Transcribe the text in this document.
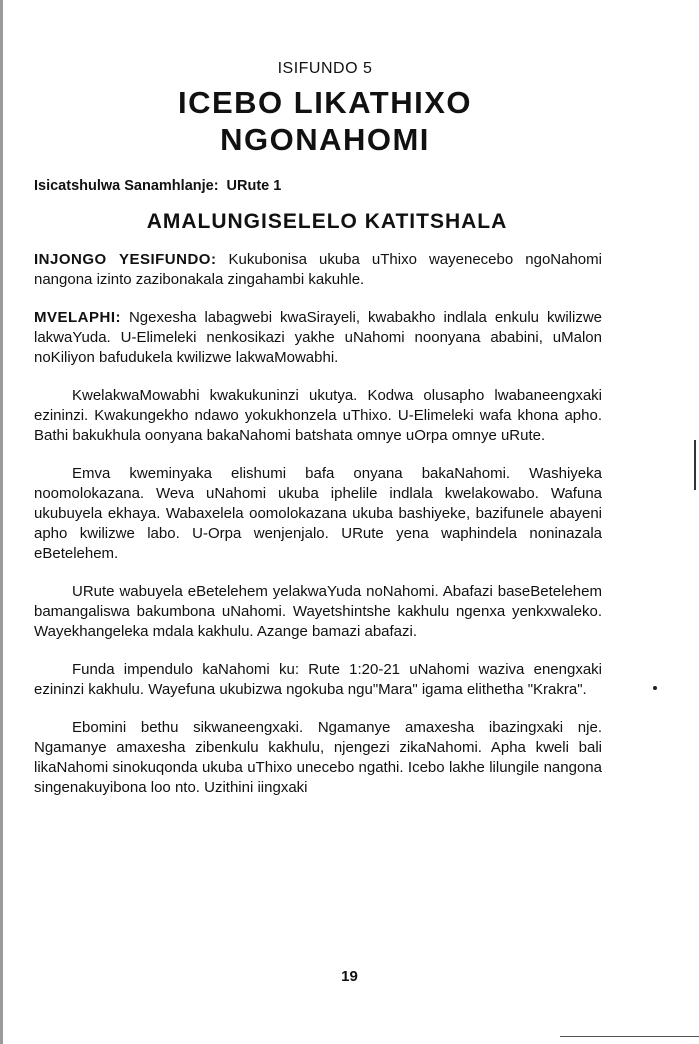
ISIFUNDO 5
ICEBO LIKATHIXO
NGONAHOMI
Isicatshulwa Sanamhlanje: URute 1
AMALUNGISELELO KATITSHALA

INJONGO YESIFUNDO: Kukubonisa ukuba uThixo wayenecebo ngoNahomi nangona izinto zazibonakala zingahambi kakuhle.

MVELAPHI: Ngexesha labagwebi kwaSirayeli, kwabakho indlala enkulu kwilizwe lakwaYuda. U-Elimeleki nenkosikazi yakhe uNahomi noonyana ababini, uMalon noKiliyon bafudukela kwilizwe lakwaMowabhi.

KwelakwaMowabhi kwakukuninzi ukutya. Kodwa olusapho lwabaneengxaki ezininzi. Kwakungekho ndawo yokukhonzela uThixo. U-Elimeleki wafa khona apho. Bathi bakukhula oonyana bakaNahomi batshata omnye uOrpa omnye uRute.

Emva kweminyaka elishumi bafa onyana bakaNahomi. Washiyeka noomolokazana. Weva uNahomi ukuba iphelile indlala kwelakowabo. Wafuna ukubuyela ekhaya. Wabaxelela oomolokazana ukuba bashiyeke, bazifunele abayeni apho kwilizwe labo. U-Orpa wenjenjalo. URute yena waphindela noninazala eBetelehem.

URute wabuyela eBetelehem yelakwaYuda noNahomi. Abafazi baseBetelehem bamangaliswa bakumbona uNahomi. Wayetshintshe kakhulu ngenxa yenkxwaleko. Wayekhangeleka mdala kakhulu. Azange bamazi abafazi.

Funda impendulo kaNahomi ku: Rute 1:20-21 uNahomi waziva enengxaki ezininzi kakhulu. Wayefuna ukubizwa ngokuba ngu"Mara" igama elithetha "Krakra".

Ebomini bethu sikwaneengxaki. Ngamanye amaxesha ibazingxaki nje. Ngamanye amaxesha zibenkulu kakhulu, njengezi zikaNahomi. Apha kweli bali likaNahomi sinokuqonda ukuba uThixo unecebo ngathi. Icebo lakhe lilungile nangona singenakuyibona loo nto. Uzithini iingxaki

19
